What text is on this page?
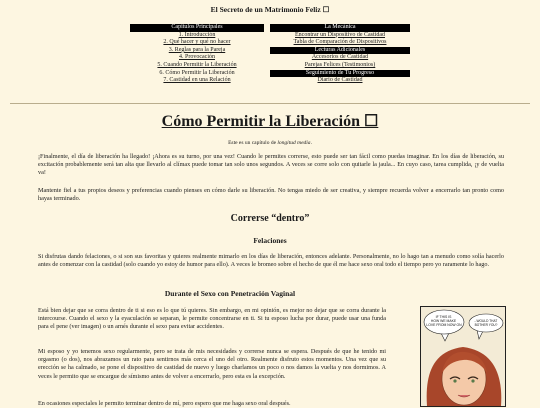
El Secreto de un Matrimonio Feliz ☐
Capitulos Principales
1. Introducción
2. Qué hacer y qué no hacer
3. Reglas para la Pareja
4. Provocación
5. Cuando Permitir la Liberación
6. Cómo Permitir la Liberación
7. Castidad en una Relación
La Mecánica
Encontrar un Dispositivo de Castidad
Tabla de Comparación de Dispositivos
Lecturas Adicionales
Accesorios de Castidad
Parejas Felices (Testimonios)
Seguimiento de Tu Progreso
Diario de Castidad
Cómo Permitir la Liberación ☐
Este es un capítulo de longitud media.

¡Finalmente, el día de liberación ha llegado! ¡Ahora es su turno, por una vez! Cuando le permites correrse, esto puede ser tan fácil como puedas imaginar. En los días de liberación, su excitación probablemente será tan alta que llevarlo al clímax puede tomar tan solo unos segundos. A veces se corre solo con quitarle la jaula... En cuyo caso, tarea cumplida, ¡y de vuelta va!

Mantente fiel a tus propios deseos y preferencias cuando pienses en cómo darle su liberación. No tengas miedo de ser creativa, y siempre recuerda volver a encerrarlo tan pronto como hayas terminado.

Correrse “dentro”
Felaciones

Si disfrutas dando felaciones, o si son sus favoritas y quieres realmente mimarlo en los días de liberación, entonces adelante. Personalmente, no lo hago tan a menudo como solía hacerlo antes de comenzar con la castidad (solo cuando yo estoy de humor para ello). A veces le bromeo sobre el hecho de que él me hace sexo oral todo el tiempo pero yo raramente lo hago.

Durante el Sexo con Penetración Vaginal

Está bien dejar que se corra dentro de ti si eso es lo que tú quieres. Sin embargo, en mi opinión, es mejor no dejar que se corra durante la intercourse. Cuando el sexo y la eyaculación se separan, le permite concentrarse en ti. Si tu esposo lucha por durar, puede usar una funda para el pene (ver imagen) o un arnés durante el sexo para evitar accidentes.

Mi esposo y yo tenemos sexo regularmente, pero se trata de mis necesidades y correrse nunca se espera. Después de que he tenido mi orgasmo (o dos), nos abrazamos un rato para sentirnos más cerca el uno del otro. Realmente disfruto estos momentos. Una vez que su erección se ha calmado, se pone el dispositivo de castidad de nuevo y luego charlamos un poco o nos damos la vuelta y nos dormimos. A veces le permito que se encargue de símismo antes de volver a encerrarlo, pero esta es la excepción.

En ocasiones especiales le permito terminar dentro de mí, pero espero que me haga sexo oral después.

IF THIS IS HOW WE MAKE LOVE FROM NOW ON
...WOULD THAT BOTHER YOU?
